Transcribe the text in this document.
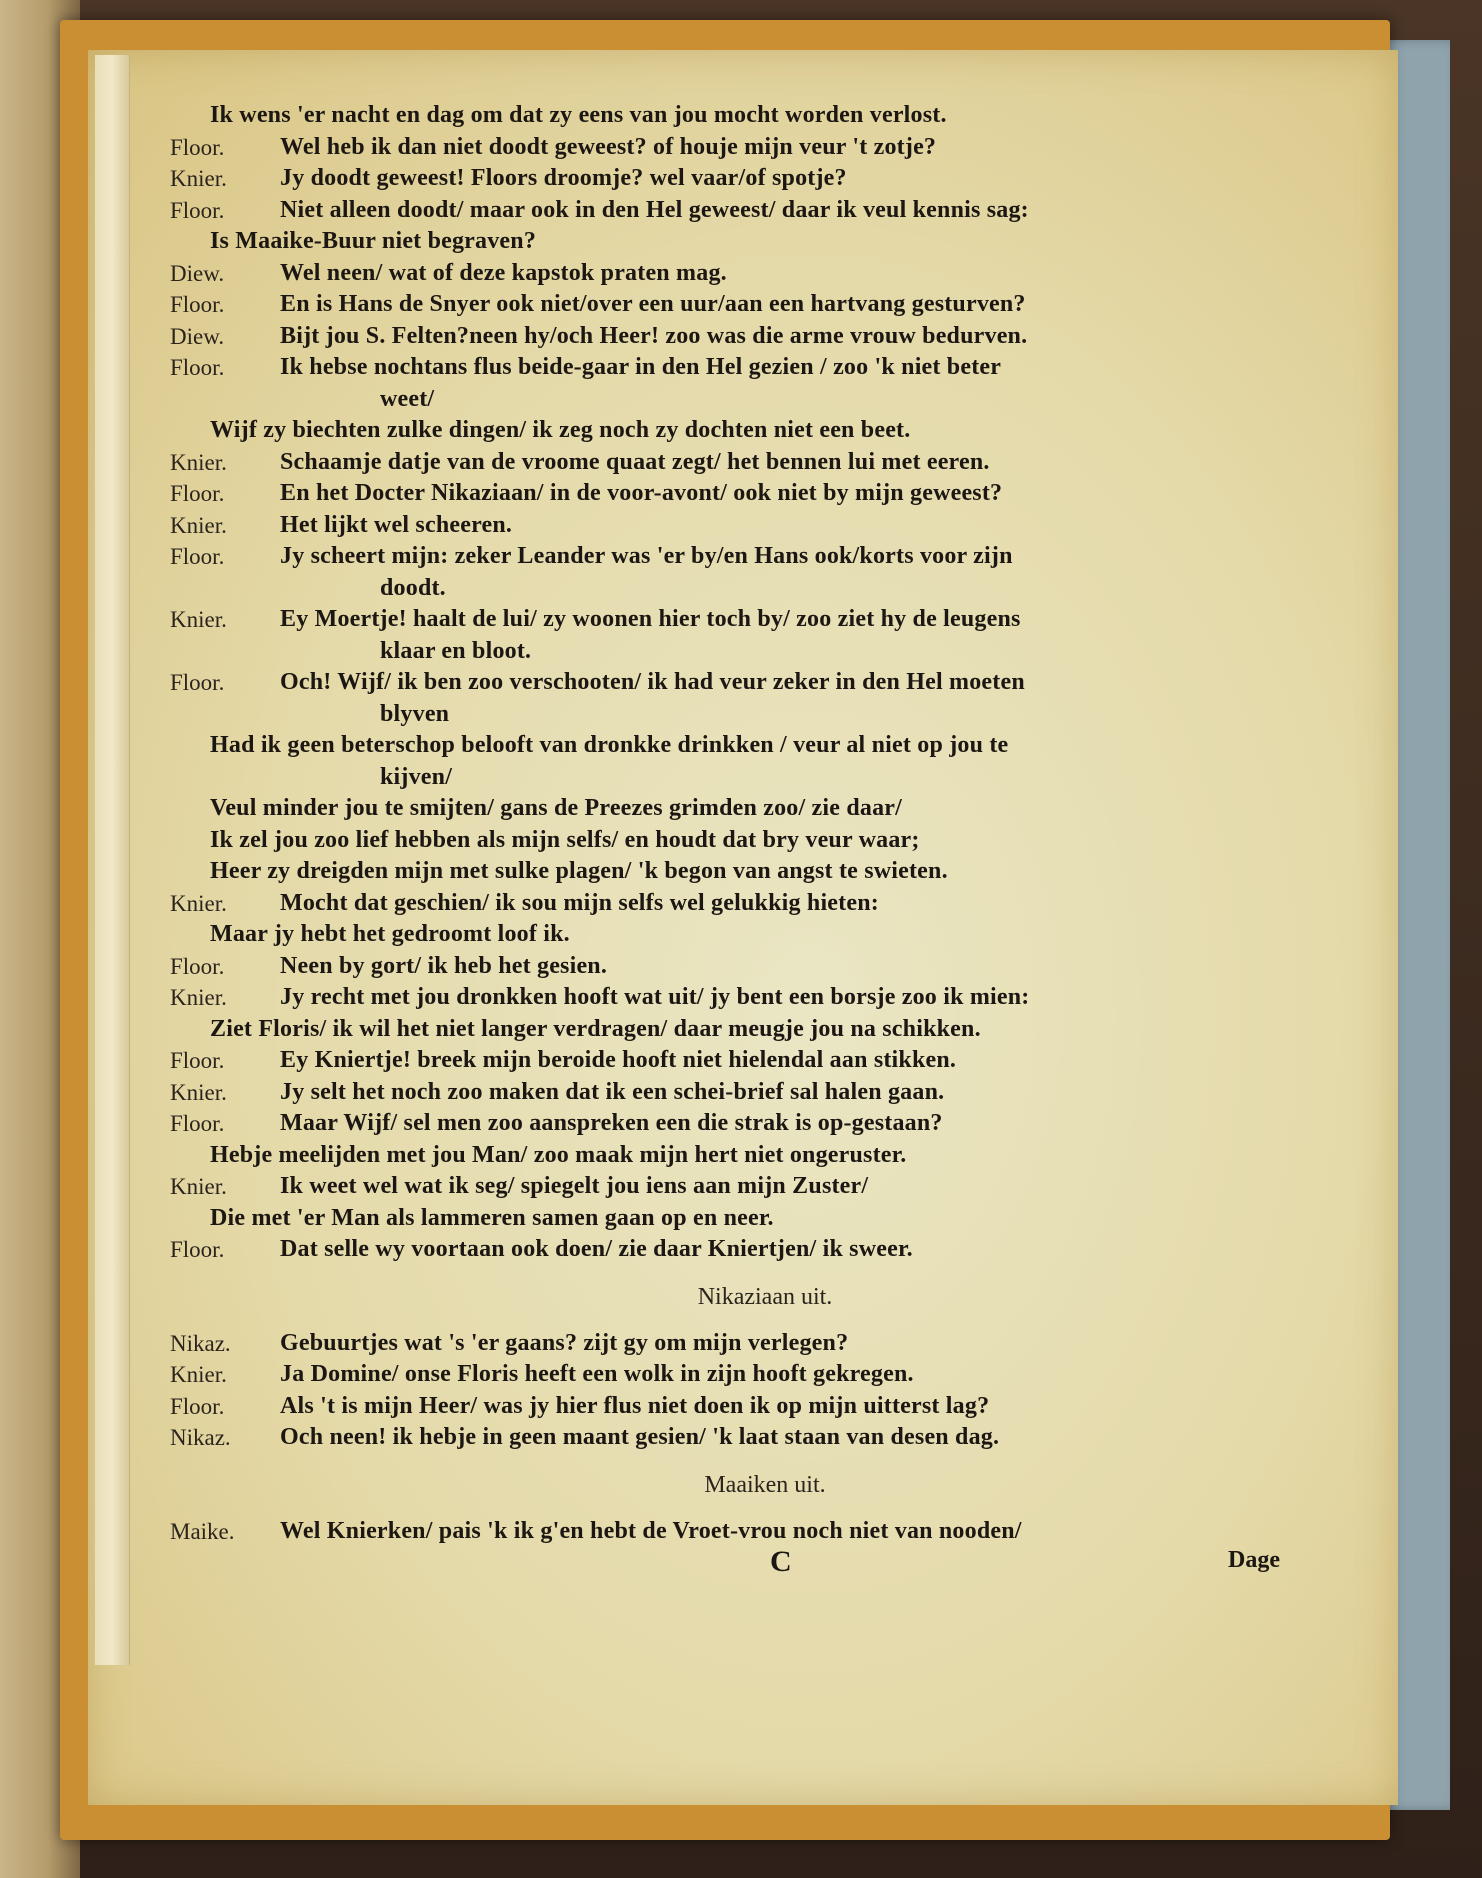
Ik wens 'er nacht en dag om dat zy eens van jou mocht worden verlost.
Floor.	Wel heb ik dan niet doodt geweest? of houje mijn veur 't zotje?
Knier.	Jy doodt geweest! Floors droomje? wel vaar/of spotje?
Floor.	Niet alleen doodt/ maar ook in den Hel geweest/ daar ik veul kennis sag:
Is Maaike-Buur niet begraven?
Diew.	Wel neen/ wat of deze kapstok praten mag.
Floor.	En is Hans de Snyer ook niet/over een uur/aan een hartvang gesturven?
Diew.	Bijt jou S. Felten?neen hy/och Heer! zoo was die arme vrouw bedurven.
Floor.	Ik hebse nochtans flus beide-gaar in den Hel gezien / zoo 'k niet beter
weet/
Wijf zy biechten zulke dingen/ ik zeg noch zy dochten niet een beet.
Knier.	Schaamje datje van de vroome quaat zegt/ het bennen lui met eeren.
Floor.	En het Docter Nikaziaan/ in de voor-avont/ ook niet by mijn geweest?
Knier.	Het lijkt wel scheeren.
Floor.	Jy scheert mijn: zeker Leander was 'er by/en Hans ook/korts voor zijn
doodt.
Knier.	Ey Moertje! haalt de lui/ zy woonen hier toch by/ zoo ziet hy de leugens
klaar en bloot.
Floor.	Och! Wijf/ ik ben zoo verschooten/ ik had veur zeker in den Hel moeten
blyven
Had ik geen beterschop belooft van dronkke drinkken / veur al niet op jou te
kijven/
Veul minder jou te smijten/ gans de Preezes grimden zoo/ zie daar/
Ik zel jou zoo lief hebben als mijn selfs/ en houdt dat bry veur waar;
Heer zy dreigden mijn met sulke plagen/ 'k begon van angst te swieten.
Knier.	Mocht dat geschien/ ik sou mijn selfs wel gelukkig hieten:
Maar jy hebt het gedroomt loof ik.
Floor.	Neen by gort/ ik heb het gesien.
Knier.	Jy recht met jou dronkken hooft wat uit/ jy bent een borsje zoo ik mien:
Ziet Floris/ ik wil het niet langer verdragen/ daar meugje jou na schikken.
Floor.	Ey Kniertje! breek mijn beroide hooft niet hielendal aan stikken.
Knier.	Jy selt het noch zoo maken dat ik een schei-brief sal halen gaan.
Floor.	Maar Wijf/ sel men zoo aanspreken een die strak is op-gestaan?
Hebje meelijden met jou Man/ zoo maak mijn hert niet ongeruster.
Knier.	Ik weet wel wat ik seg/ spiegelt jou iens aan mijn Zuster/
Die met 'er Man als lammeren samen gaan op en neer.
Floor.	Dat selle wy voortaan ook doen/ zie daar Kniertjen/ ik sweer.
Nikaziaan uit.
Nikaz.	Gebuurtjes wat 's 'er gaans? zijt gy om mijn verlegen?
Knier.	Ja Domine/ onse Floris heeft een wolk in zijn hooft gekregen.
Floor.	Als 't is mijn Heer/ was jy hier flus niet doen ik op mijn uitterst lag?
Nikaz.	Och neen! ik hebje in geen maant gesien/ 'k laat staan van desen dag.
Maaiken uit.
Maike.	Wel Knierken/ pais 'k ik g'en hebt de Vroet-vrou noch niet van nooden/
C	Dage
